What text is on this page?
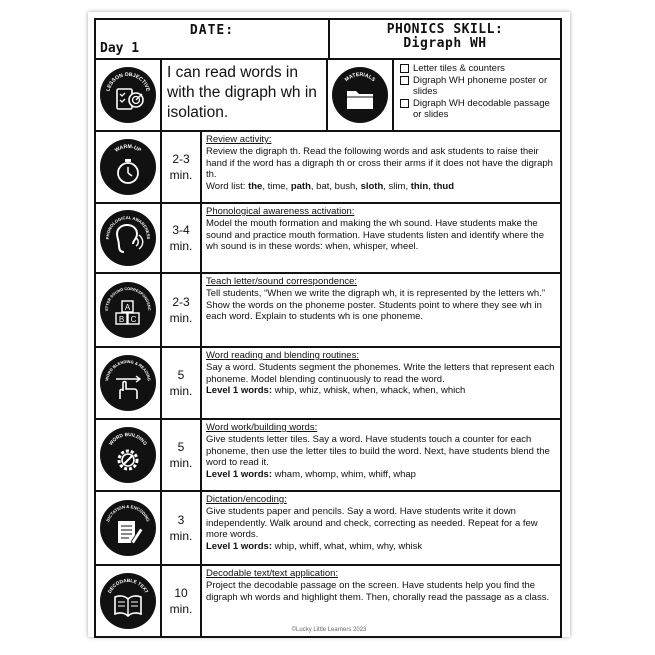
DATE:
Day 1
PHONICS SKILL:
Digraph WH
LESSON OBJECTIVE
I can read words in with the digraph wh in isolation.
MATERIALS
Letter tiles & counters
Digraph WH phoneme poster or slides
Digraph WH decodable passage or slides
WARM-UP
2-3
min.
Review activity:
Review the digraph th. Read the following words and ask students to raise their hand if the word has a digraph th or cross their arms if it does not have the digraph th.
Word list: the, time, path, bat, bush, sloth, slim, thin, thud
PHONOLOGICAL AWARENESS
3-4
min.
Phonological awareness activation:
Model the mouth formation and making the wh sound. Have students make the sound and practice mouth formation. Have students listen and identify where the wh sound is in these words: when, whisper, wheel.
ETTER SOUND CORRESPONDENC
A
B C
2-3
min.
Teach letter/sound correspondence:
Tell students, “When we write the digraph wh, it is represented by the letters wh.” Show the words on the phoneme poster. Students point to where they see wh in each word. Explain to students wh is one phoneme.
WORD BLENDING & READING 5
min.
Word reading and blending routines:
Say a word. Students segment the phonemes. Write the letters that represent each phoneme. Model blending continuously to read the word.
Level 1 words: whip, whiz, whisk, when, whack, when, which
WORD BUILDING	5
min.
Word work/building words:
Give students letter tiles. Say a word. Have students touch a counter for each phoneme, then use the letter tiles to build the word. Next, have students blend the word to read it.
Level 1 words: wham, whomp, whim, whiff, whap
DICTATION & ENCODING 3
min.
Dictation/encoding:
Give students paper and pencils. Say a word. Have students write it down independently. Walk around and check, correcting as needed. Repeat for a few more words.
Level 1 words: whip, whiff, what, whim, why, whisk
DECODABLE TEXT 10
min.
Decodable text/text application:
Project the decodable passage on the screen. Have students help you find the digraph wh words and highlight them. Then, chorally read the passage as a class.
©Lucky Little Learners 2023
